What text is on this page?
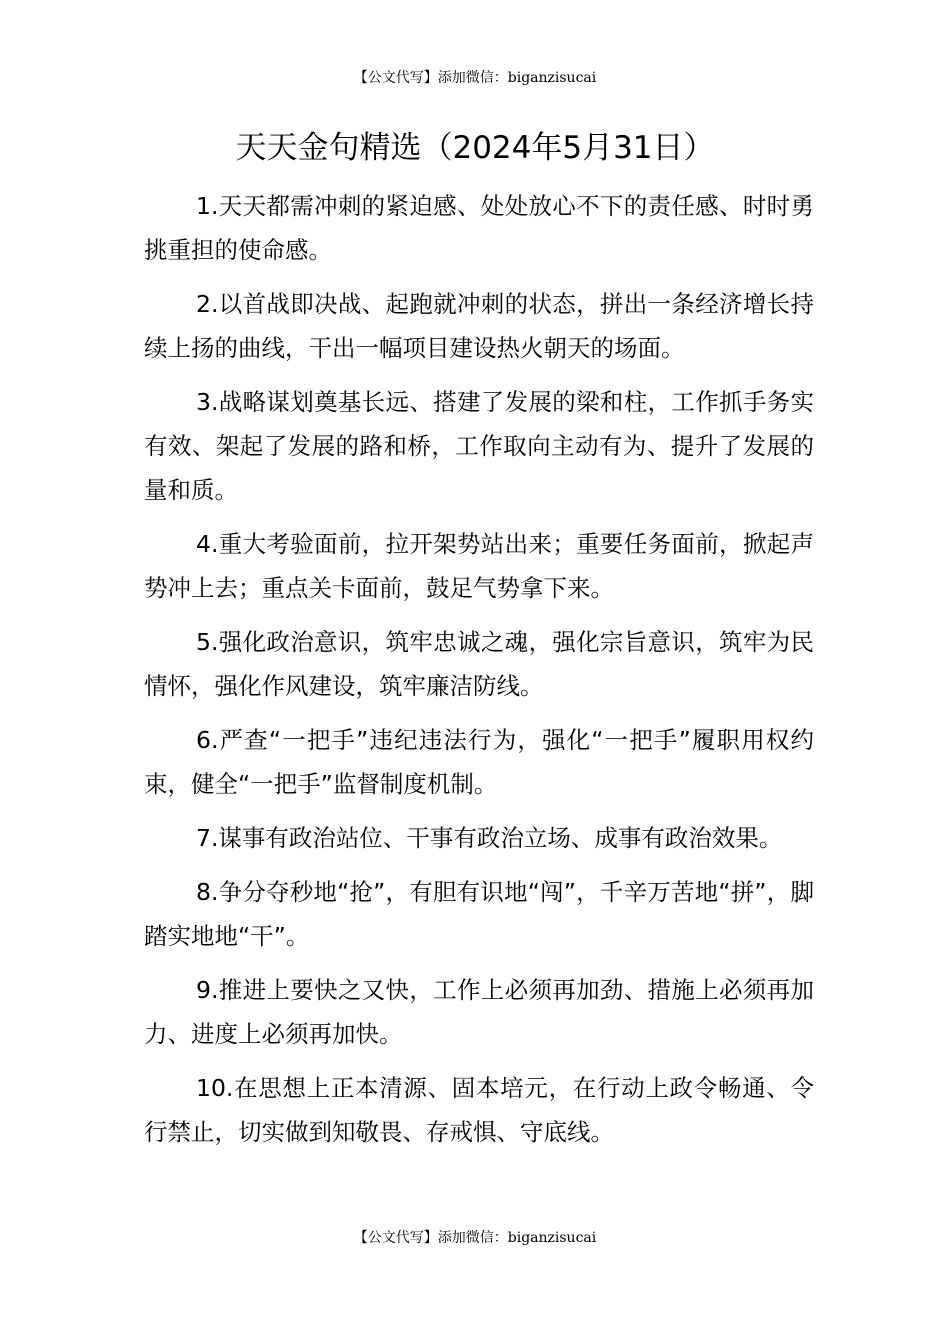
【公文代写】添加微信：biganzisucai
天天金句精选（2024年5月31日）

1.天天都需冲刺的紧迫感、处处放心不下的责任感、时时勇挑重担的使命感。

2.以首战即决战、起跑就冲刺的状态，拼出一条经济增长持续上扬的曲线，干出一幅项目建设热火朝天的场面。

3.战略谋划奠基长远、搭建了发展的梁和柱，工作抓手务实有效、架起了发展的路和桥，工作取向主动有为、提升了发展的量和质。

4.重大考验面前，拉开架势站出来；重要任务面前，掀起声势冲上去；重点关卡面前，鼓足气势拿下来。

5.强化政治意识，筑牢忠诚之魂，强化宗旨意识，筑牢为民情怀，强化作风建设，筑牢廉洁防线。

6.严查“一把手”违纪违法行为，强化“一把手”履职用权约束，健全“一把手”监督制度机制。

7.谋事有政治站位、干事有政治立场、成事有政治效果。

8.争分夺秒地“抢”，有胆有识地“闯”，千辛万苦地“拼”，脚踏实地地“干”。

9.推进上要快之又快，工作上必须再加劲、措施上必须再加力、进度上必须再加快。

10.在思想上正本清源、固本培元，在行动上政令畅通、令行禁止，切实做到知敬畏、存戒惧、守底线。

【公文代写】添加微信：biganzisucai
